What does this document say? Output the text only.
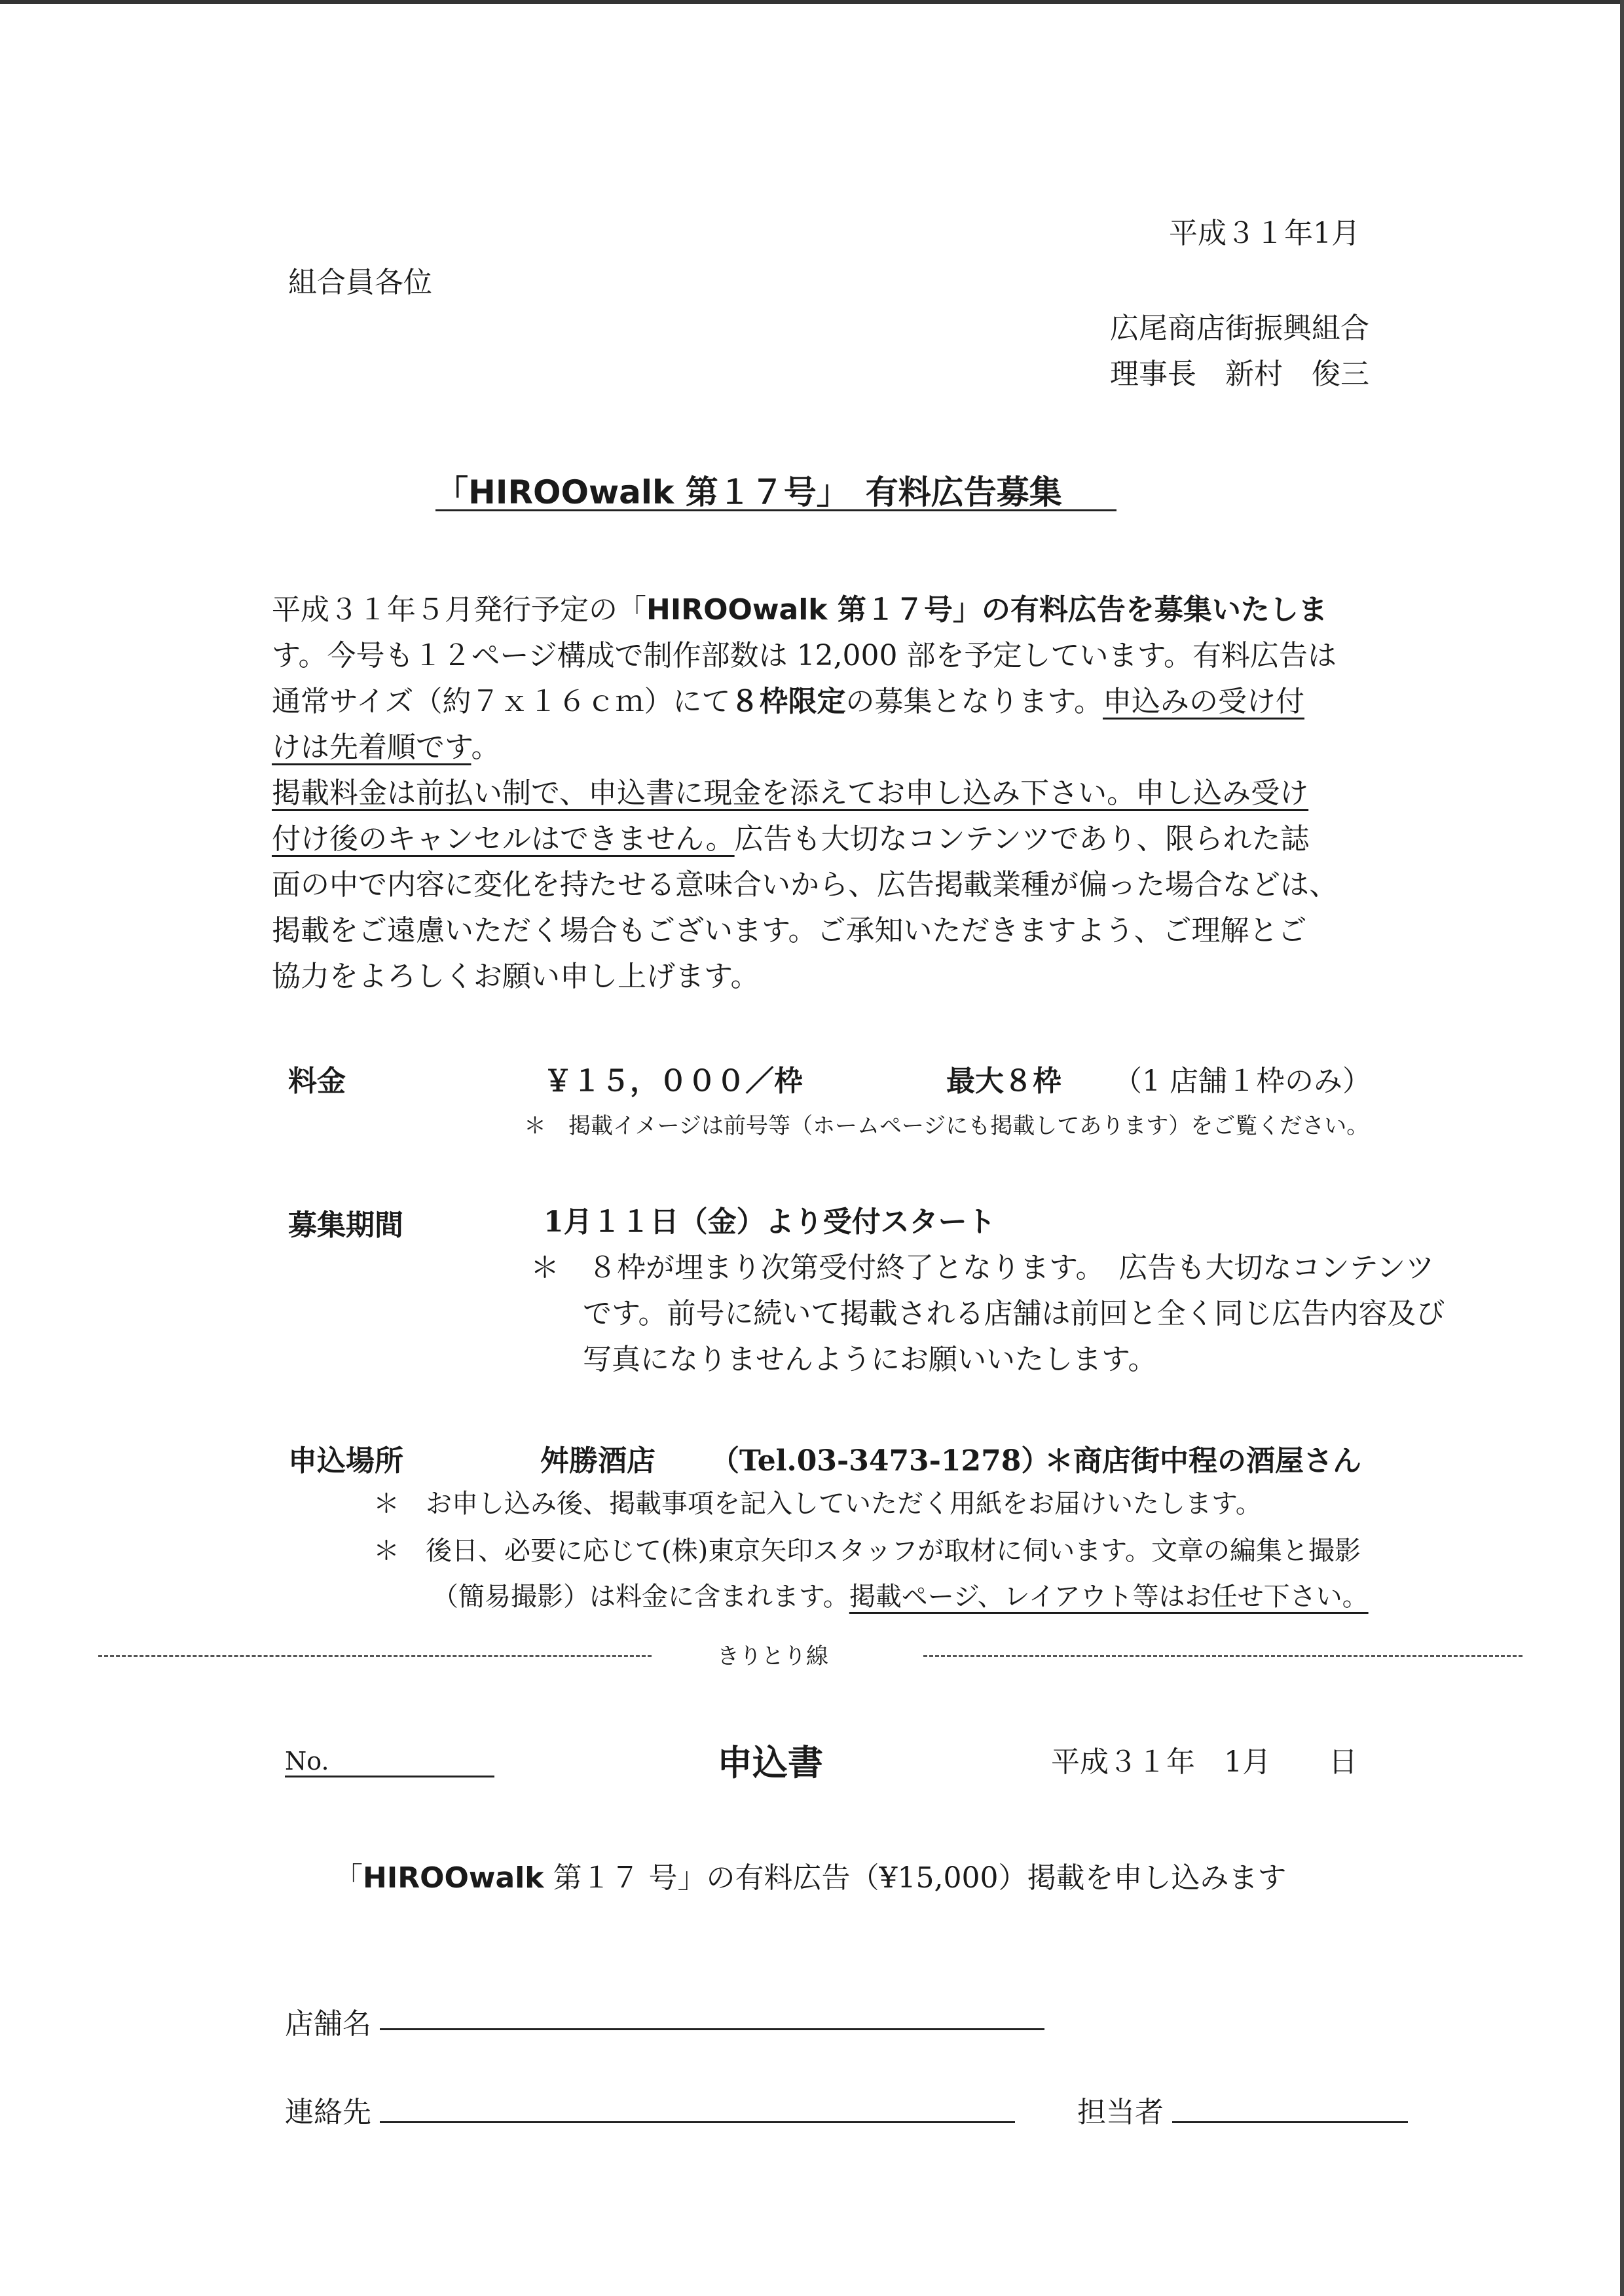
平成３１年1月
組合員各位
広尾商店街振興組合
理事長　新村　俊三
「HIROOwalk 第１７号」　有料広告募集
平成３１年５月発行予定の「HIROOwalk 第１７号」の有料広告を募集いたしま
す。今号も１２ページ構成で制作部数は 12,000 部を予定しています。有料広告は
通常サイズ（約７ｘ１６ｃｍ）にて８枠限定の募集となります。申込みの受け付
けは先着順です。
掲載料金は前払い制で、申込書に現金を添えてお申し込み下さい。申し込み受け
付け後のキャンセルはできません。広告も大切なコンテンツであり、限られた誌
面の中で内容に変化を持たせる意味合いから、広告掲載業種が偏った場合などは、
掲載をご遠慮いただく場合もございます。ご承知いただきますよう、ご理解とご
協力をよろしくお願い申し上げます。
料金	￥１５，０００／枠	最大８枠 （1 店舗１枠のみ）
＊　掲載イメージは前号等（ホームページにも掲載してあります）をご覧ください。
募集期間	1月１１日（金）より受付スタート
＊　８枠が埋まり次第受付終了となります。　広告も大切なコンテンツ
です。前号に続いて掲載される店舗は前回と全く同じ広告内容及び
写真になりませんようにお願いいたします。
申込場所	舛勝酒店 （Tel.03-3473-1278）
＊商店街中程の酒屋さん
＊　お申し込み後、掲載事項を記入していただく用紙をお届けいたします。
＊　後日、必要に応じて(株)東京矢印スタッフが取材に伺います。文章の編集と撮影
（簡易撮影）は料金に含まれます。掲載ページ、レイアウト等はお任せ下さい。
きりとり線
No.	申込書	平成３１年　1月　　日
「HIROOwalk 第１７ 号」の有料広告（¥15,000）掲載を申し込みます
店舗名
連絡先	担当者
